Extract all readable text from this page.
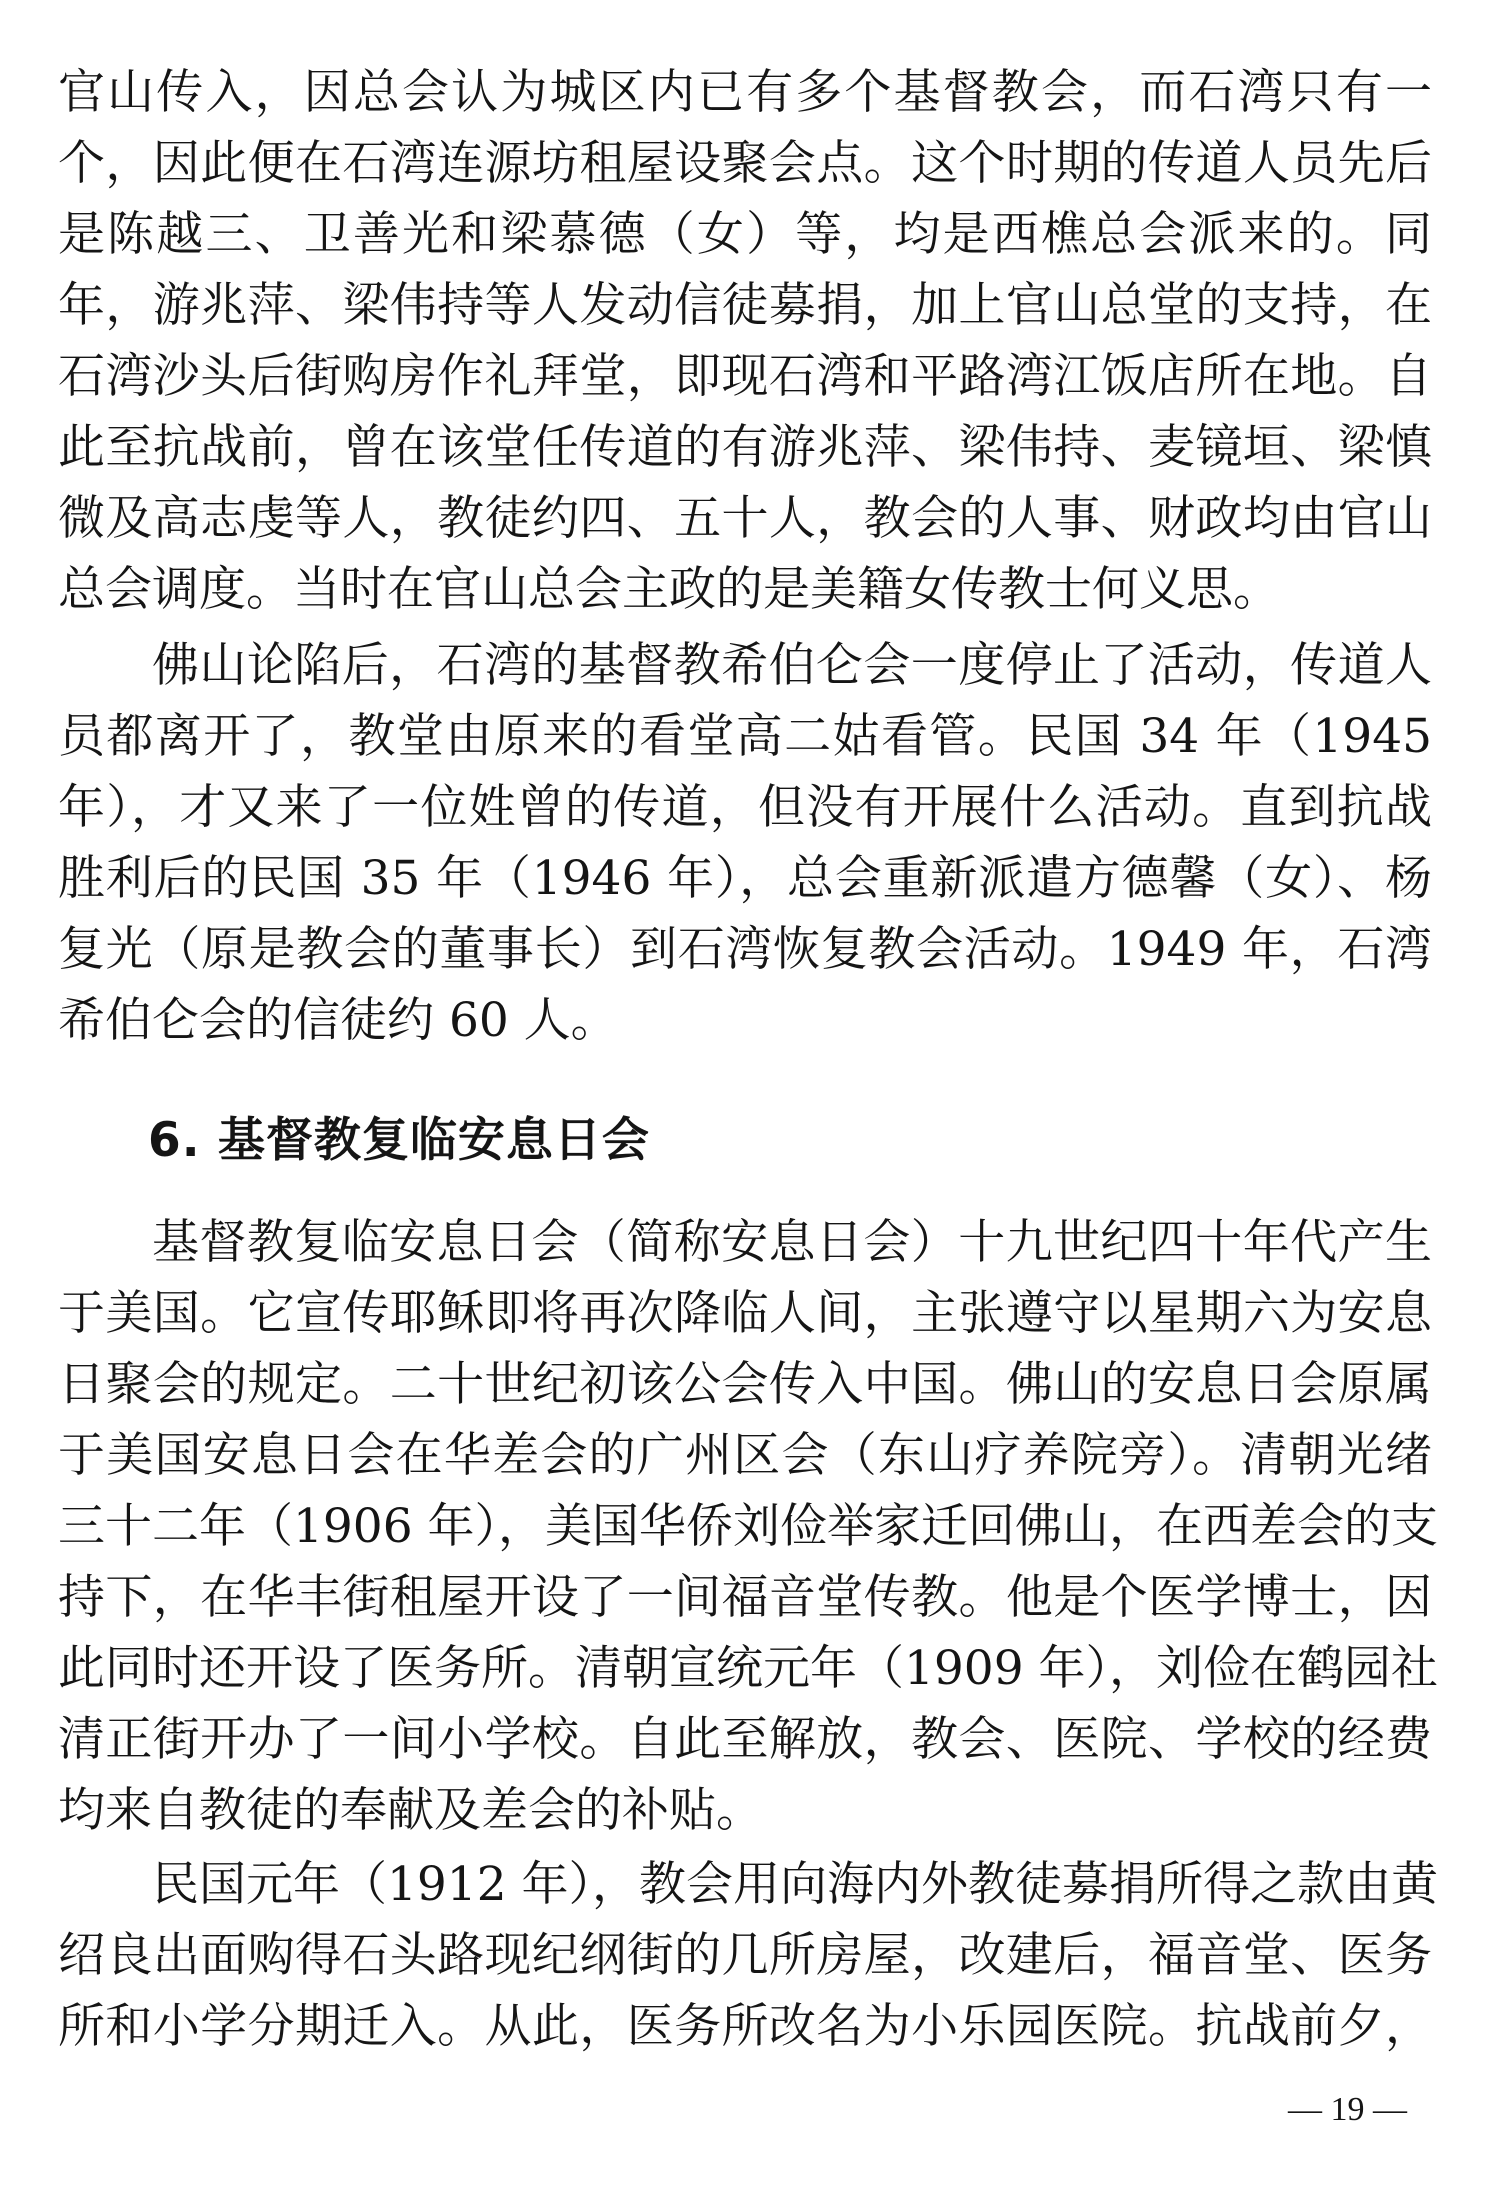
官山传入，因总会认为城区内已有多个基督教会，而石湾只有一
个，因此便在石湾连源坊租屋设聚会点。这个时期的传道人员先后
是陈越三、卫善光和梁慕德（女）等，均是西樵总会派来的。同
年，游兆萍、梁伟持等人发动信徒募捐，加上官山总堂的支持，在
石湾沙头后街购房作礼拜堂，即现石湾和平路湾江饭店所在地。自
此至抗战前，曾在该堂任传道的有游兆萍、梁伟持、麦镜垣、梁慎
微及高志虔等人，教徒约四、五十人，教会的人事、财政均由官山
总会调度。当时在官山总会主政的是美籍女传教士何义思。
佛山论陷后，石湾的基督教希伯仑会一度停止了活动，传道人
员都离开了，教堂由原来的看堂高二姑看管。民国 34 年（1945
年），才又来了一位姓曾的传道，但没有开展什么活动。直到抗战
胜利后的民国 35 年（1946 年），总会重新派遣方德馨（女）、杨
复光（原是教会的董事长）到石湾恢复教会活动。1949 年，石湾
希伯仑会的信徒约 60 人。
6. 基督教复临安息日会
基督教复临安息日会（简称安息日会）十九世纪四十年代产生
于美国。它宣传耶稣即将再次降临人间，主张遵守以星期六为安息
日聚会的规定。二十世纪初该公会传入中国。佛山的安息日会原属
于美国安息日会在华差会的广州区会（东山疗养院旁）。清朝光绪
三十二年（1906 年），美国华侨刘俭举家迁回佛山，在西差会的支
持下，在华丰街租屋开设了一间福音堂传教。他是个医学博士，因
此同时还开设了医务所。清朝宣统元年（1909 年），刘俭在鹤园社
清正街开办了一间小学校。自此至解放，教会、医院、学校的经费
均来自教徒的奉献及差会的补贴。
民国元年（1912 年），教会用向海内外教徒募捐所得之款由黄
绍良出面购得石头路现纪纲街的几所房屋，改建后，福音堂、医务
所和小学分期迁入。从此，医务所改名为小乐园医院。抗战前夕，
— 19 —
